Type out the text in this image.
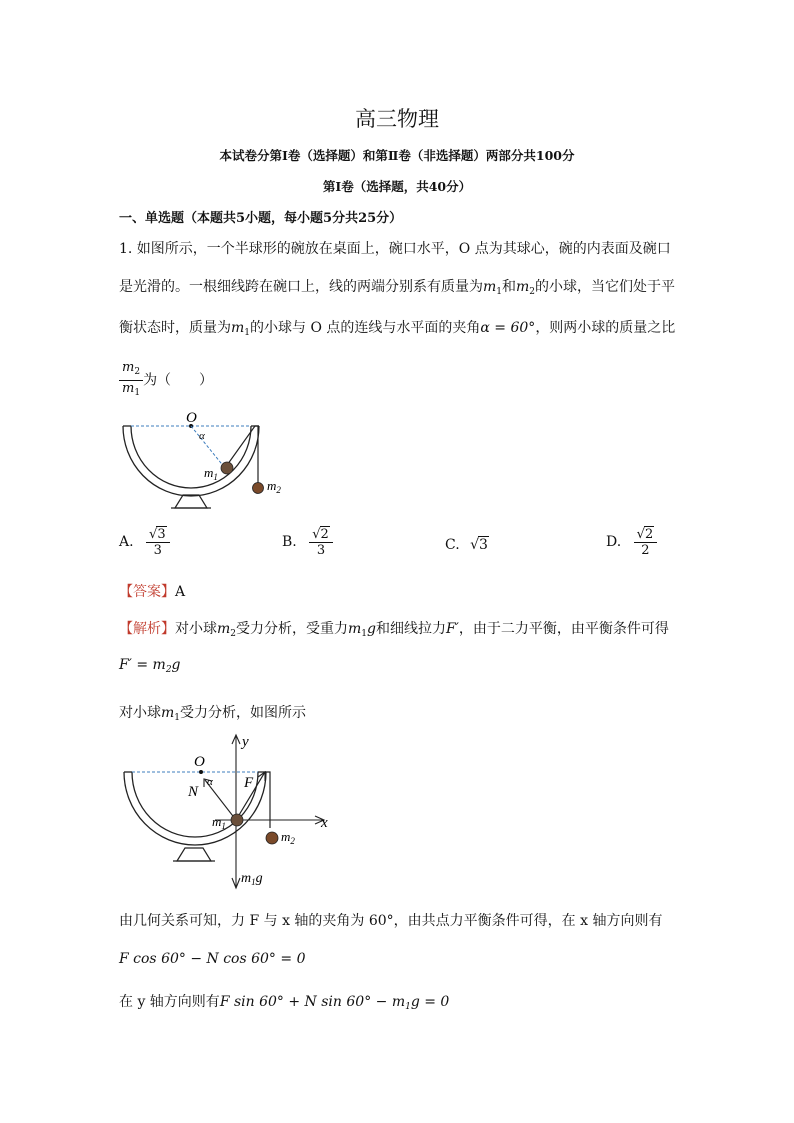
高三物理
本试卷分第Ⅰ卷（选择题）和第Ⅱ卷（非选择题）两部分共100分
第Ⅰ卷（选择题，共40分）
一、单选题（本题共5小题，每小题5分共25分）
1. 如图所示，一个半球形的碗放在桌面上，碗口水平，O 点为其球心，碗的内表面及碗口
是光滑的。一根细线跨在碗口上，线的两端分别系有质量为$m_1$和$m_2$的小球，当它们处于平
衡状态时，质量为$m_1$的小球与 O 点的连线与水平面的夹角α = 60°，则两小球的质量之比
$\frac{m_2}{m_1}$ 为（　　）
O
α
$m_1$
$m_2$
A. $\frac{√3}{3}$	B. $\frac{√2}{3}$	C. √3	D. $\frac{√2}{2}$
【答案】A
【解析】对小球$m_2$受力分析，受重力$m_1g$和细线拉力F′，由于二力平衡，由平衡条件可得
$F' = m_2g$
对小球$m_1$受力分析，如图所示
O
α
N
F
x
y
$m_1$
$m_2$
$m_1g$
由几何关系可知，力 F 与 x 轴的夹角为 60°，由共点力平衡条件可得，在 x 轴方向则有
F cos 60° − N cos 60° = 0
在 y 轴方向则有F sin 60° + N $\sin 60^\circ - m_1g = 0$
